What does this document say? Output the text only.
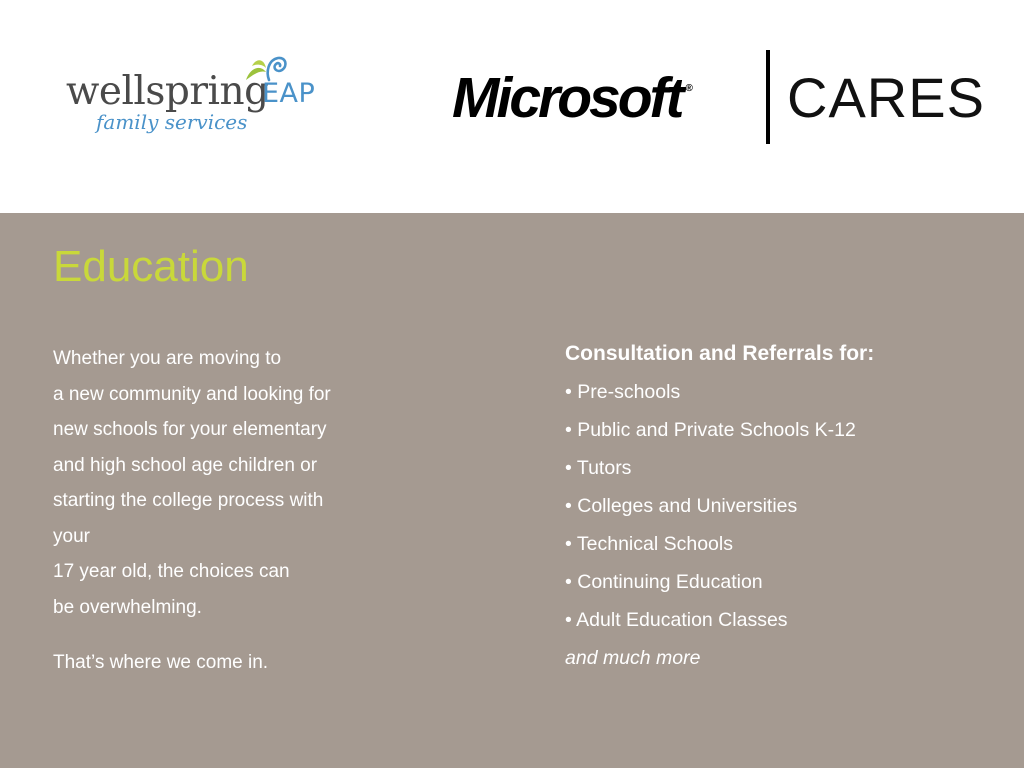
wellspring
EAP
family services	Microsoft ® CARES
Education
Whether you are moving to
a new community and looking for
new schools for your elementary
and high school age children or
starting the college process with
your
17 year old, the choices can
be overwhelming.
That’s where we come in.
Consultation and Referrals for:
• Pre-schools
• Public and Private Schools K-12
• Tutors
• Colleges and Universities
• Technical Schools
• Continuing Education
• Adult Education Classes
and much more
